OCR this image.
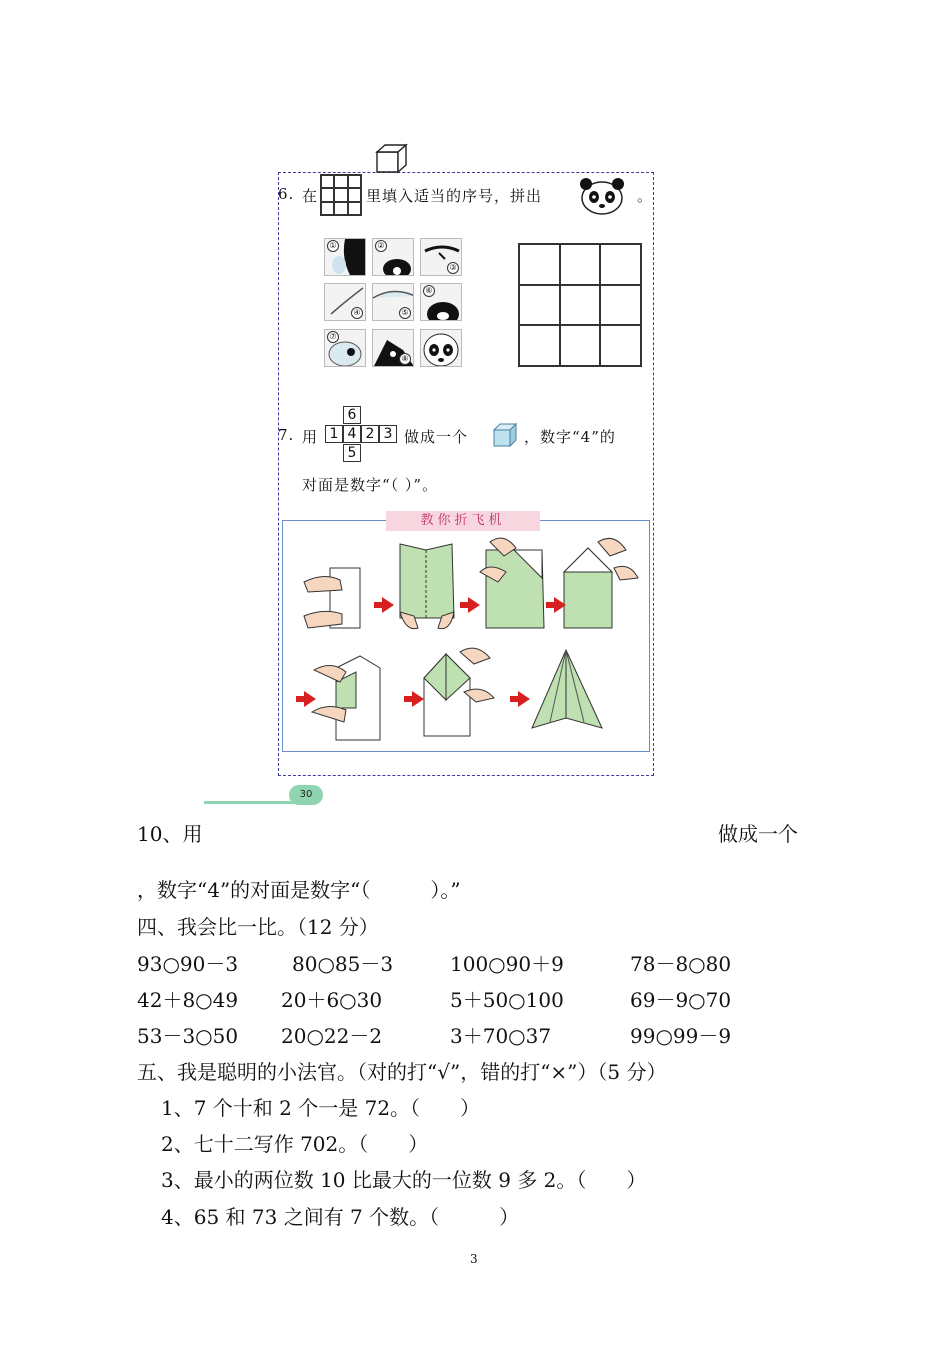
6. 在	里填入适当的序号，拼出	。
①	②
③
④	⑤
⑥
⑦
⑧
7. 用
6
1 4 2 3
5
做成一个	，数字“4”的
对面是数字“（ ）”。
教你折飞机
30
10、用	做成一个
，数字“4”的对面是数字“（　　　）。”
四、我会比一比。（12 分）
93○90－3	80○85－3	100○90＋9	78－8○80
42＋8○49 20＋6○30	5＋50○100	69－9○70
53－3○50 20○22－2	3＋70○37	99○99－9
五、我是聪明的小法官。（对的打“√”，错的打“×”）（5 分）
1、7 个十和 2 个一是 72。（　　）
2、七十二写作 702。（　　）
3、最小的两位数 10 比最大的一位数 9 多 2。（　　）
4、65 和 73 之间有 7 个数。（　　　）
3
